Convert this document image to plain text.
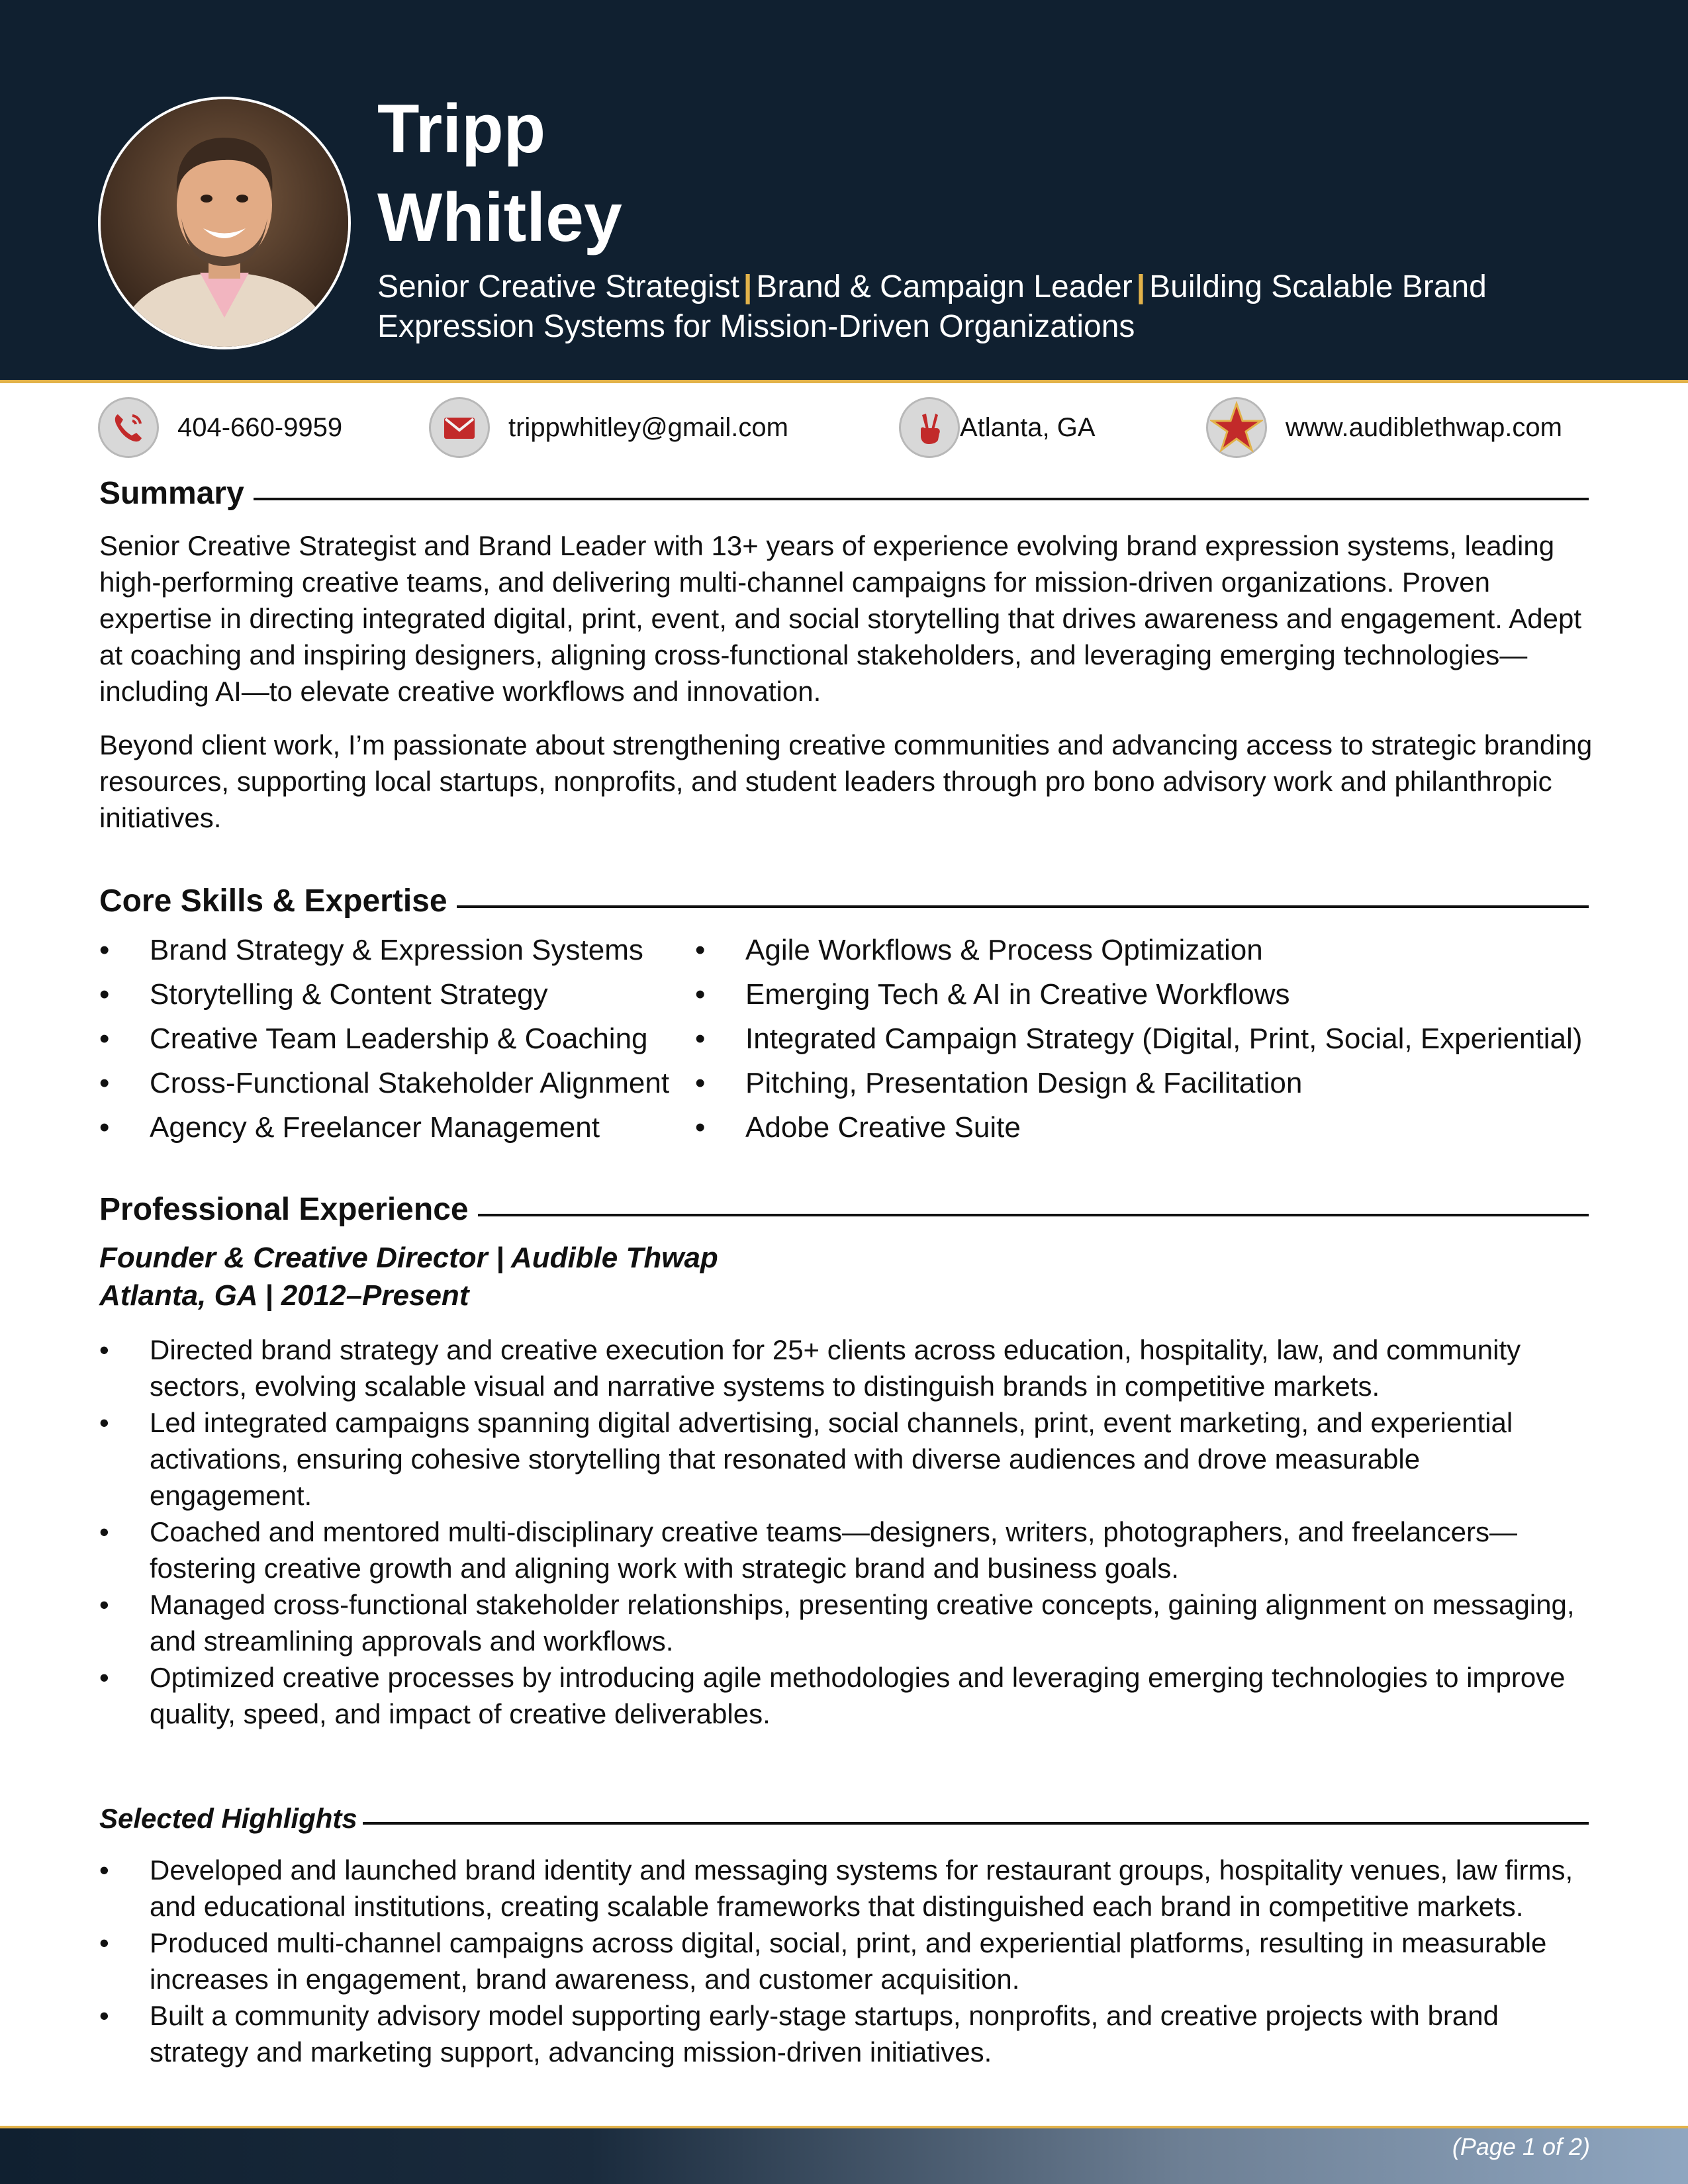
Tripp
Whitley
Senior Creative Strategist | Brand & Campaign Leader | Building Scalable Brand Expression Systems for Mission-Driven Organizations
404-660-9959	trippwhitley@gmail.com	Atlanta, GA	www.audiblethwap.com
Summary
Senior Creative Strategist and Brand Leader with 13+ years of experience evolving brand expression systems, leading high-performing creative teams, and delivering multi-channel campaigns for mission-driven organizations. Proven expertise in directing integrated digital, print, event, and social storytelling that drives awareness and engagement. Adept at coaching and inspiring designers, aligning cross-functional stakeholders, and leveraging emerging technologies—including AI—to elevate creative workflows and innovation.
Beyond client work, I’m passionate about strengthening creative communities and advancing access to strategic branding resources, supporting local startups, nonprofits, and student leaders through pro bono advisory work and philanthropic initiatives.
Core Skills & Expertise
• Brand Strategy & Expression Systems
• Storytelling & Content Strategy
• Creative Team Leadership & Coaching
• Cross-Functional Stakeholder Alignment
• Agency & Freelancer Management
• Agile Workflows & Process Optimization
• Emerging Tech & AI in Creative Workflows
• Integrated Campaign Strategy (Digital, Print, Social, Experiential)
• Pitching, Presentation Design & Facilitation
• Adobe Creative Suite
Professional Experience
Founder & Creative Director | Audible Thwap
Atlanta, GA | 2012–Present
• Directed brand strategy and creative execution for 25+ clients across education, hospitality, law, and community sectors, evolving scalable visual and narrative systems to distinguish brands in competitive markets.
• Led integrated campaigns spanning digital advertising, social channels, print, event marketing, and experiential activations, ensuring cohesive storytelling that resonated with diverse audiences and drove measurable engagement.
• Coached and mentored multi-disciplinary creative teams—designers, writers, photographers, and freelancers—fostering creative growth and aligning work with strategic brand and business goals.
• Managed cross-functional stakeholder relationships, presenting creative concepts, gaining alignment on messaging, and streamlining approvals and workflows.
• Optimized creative processes by introducing agile methodologies and leveraging emerging technologies to improve quality, speed, and impact of creative deliverables.
Selected Highlights
• Developed and launched brand identity and messaging systems for restaurant groups, hospitality venues, law firms, and educational institutions, creating scalable frameworks that distinguished each brand in competitive markets.
• Produced multi-channel campaigns across digital, social, print, and experiential platforms, resulting in measurable increases in engagement, brand awareness, and customer acquisition.
• Built a community advisory model supporting early-stage startups, nonprofits, and creative projects with brand strategy and marketing support, advancing mission-driven initiatives.
(Page 1 of 2)
